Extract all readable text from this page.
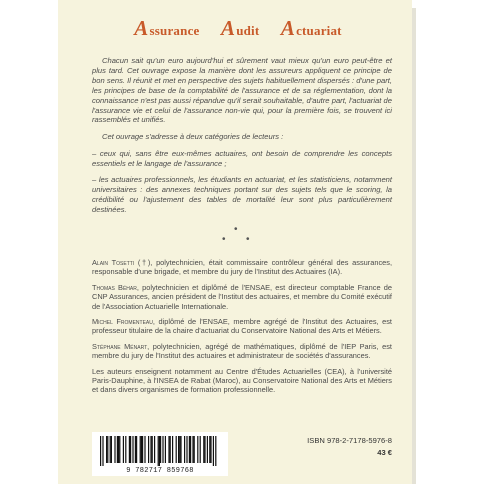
Assurance Audit Actuariat

Chacun sait qu'un euro aujourd'hui et sûrement vaut mieux qu'un euro peut-être et plus tard. Cet ouvrage expose la manière dont les assureurs appliquent ce principe de bon sens. Il réunit et met en perspective des sujets habituellement dispersés : d'une part, les principes de base de la comptabilité de l'assurance et de sa réglementation, dont la connaissance n'est pas aussi répandue qu'il serait souhaitable, d'autre part, l'actuariat de l'assurance vie et celui de l'assurance non-vie qui, pour la première fois, se trouvent ici rassemblés et unifiés.

Cet ouvrage s'adresse à deux catégories de lecteurs :

– ceux qui, sans être eux-mêmes actuaires, ont besoin de comprendre les concepts essentiels et le langage de l'assurance ;

– les actuaires professionnels, les étudiants en actuariat, et les statisticiens, notamment universitaires : des annexes techniques portant sur des sujets tels que le scoring, la crédibilité ou l'ajustement des tables de mortalité leur sont plus particulièrement destinées.

•
• •

Alain Tosetti (†), polytechnicien, était commissaire contrôleur général des assurances, responsable d'une brigade, et membre du jury de l'Institut des Actuaires (IA).

Thomas Béhar, polytechnicien et diplômé de l'ENSAE, est directeur comptable France de CNP Assurances, ancien président de l'Institut des actuaires, et membre du Comité exécutif de l'Association Actuarielle Internationale.

Michel Fromenteau, diplômé de l'ENSAE, membre agrégé de l'Institut des Actuaires, est professeur titulaire de la chaire d'actuariat du Conservatoire National des Arts et Métiers.

Stéphane Ménart, polytechnicien, agrégé de mathématiques, diplômé de l'IEP Paris, est membre du jury de l'Institut des actuaires et administrateur de sociétés d'assurances.

Les auteurs enseignent notamment au Centre d'Études Actuarielles (CEA), à l'université Paris-Dauphine, à l'INSEA de Rabat (Maroc), au Conservatoire National des Arts et Métiers et dans divers organismes de formation professionnelle.

9 782717 859768
ISBN 978-2-7178-5976-8
43 €
